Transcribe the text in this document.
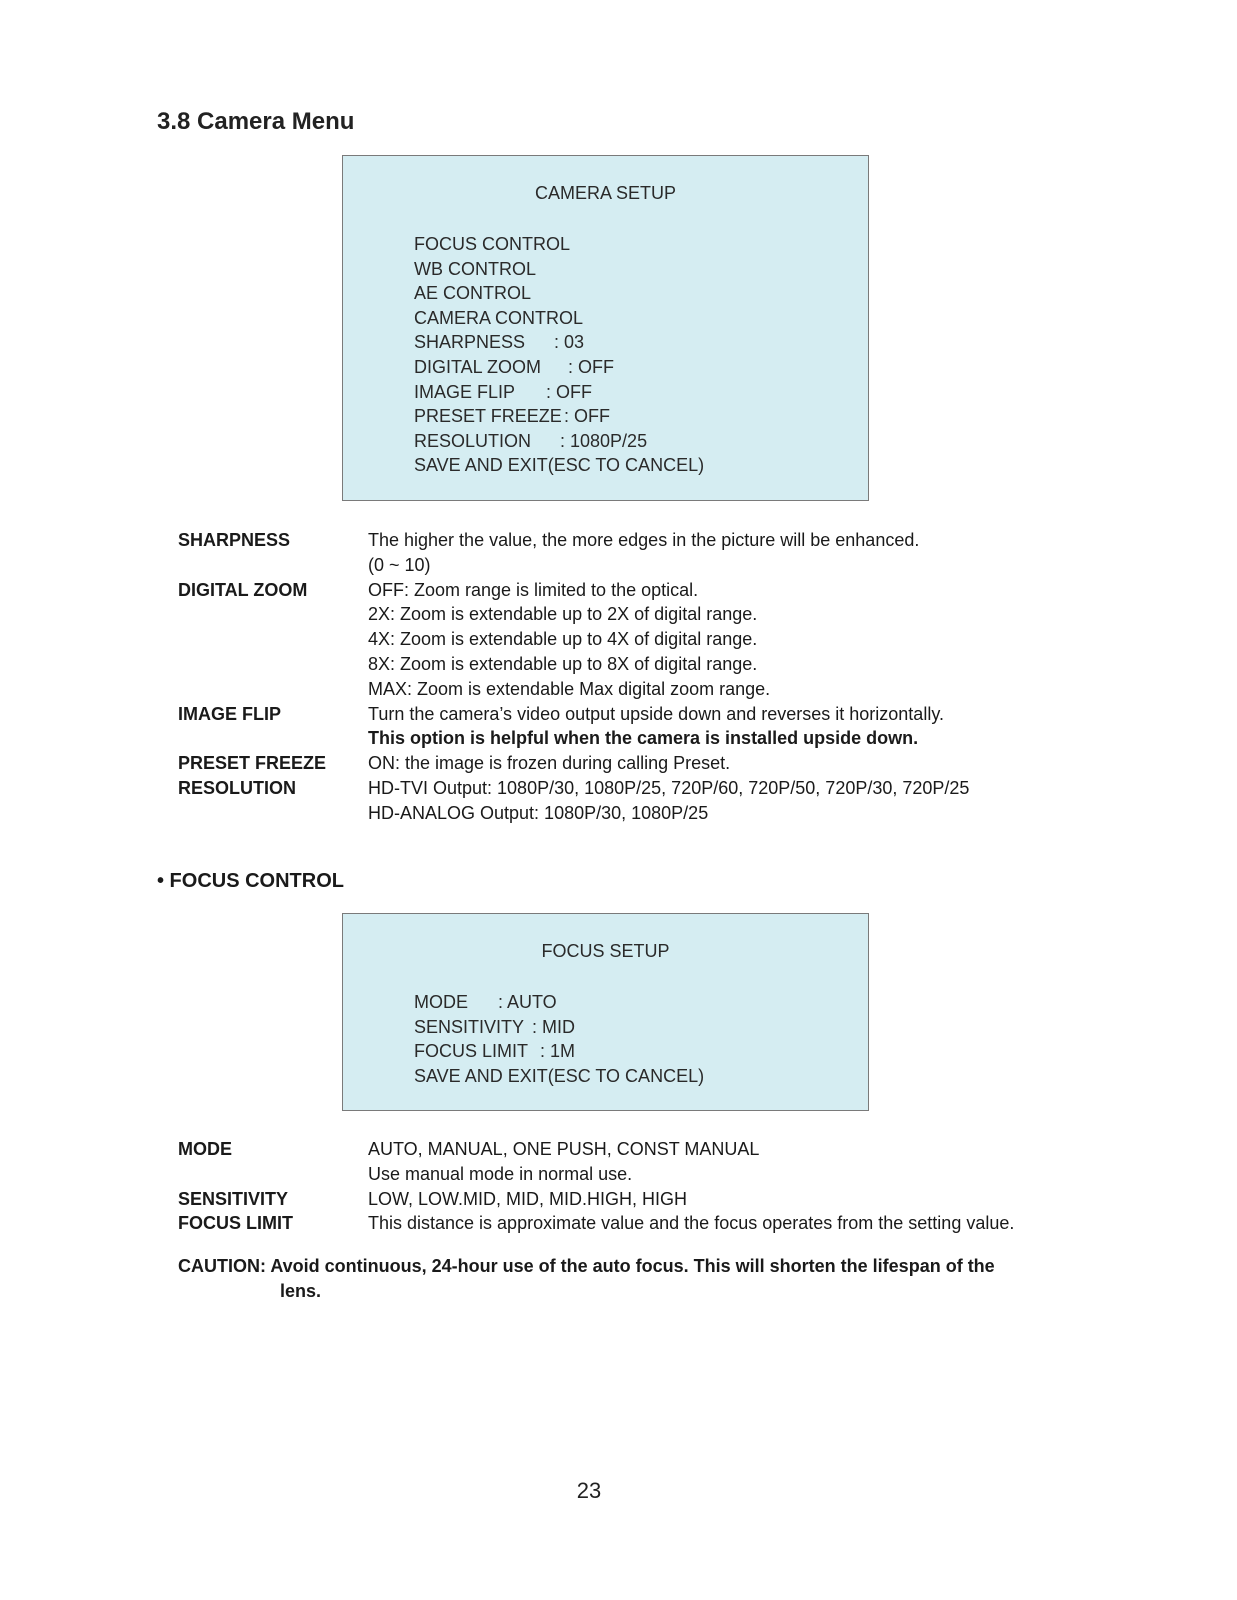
3.8 Camera Menu
CAMERA SETUP
FOCUS CONTROL
WB CONTROL
AE CONTROL
CAMERA CONTROL
SHARPNESS : 03
DIGITAL ZOOM : OFF
IMAGE FLIP : OFF
PRESET FREEZE : OFF
RESOLUTION : 1080P/25
SAVE AND EXIT(ESC TO CANCEL)
SHARPNESS	The higher the value, the more edges in the picture will be enhanced.
(0 ~ 10)
DIGITAL ZOOM	OFF: Zoom range is limited to the optical.
2X: Zoom is extendable up to 2X of digital range.
4X: Zoom is extendable up to 4X of digital range.
8X: Zoom is extendable up to 8X of digital range.
MAX: Zoom is extendable Max digital zoom range.
IMAGE FLIP	Turn the camera’s video output upside down and reverses it horizontally.
This option is helpful when the camera is installed upside down.
PRESET FREEZE	ON: the image is frozen during calling Preset.
RESOLUTION	HD-TVI Output: 1080P/30, 1080P/25, 720P/60, 720P/50, 720P/30, 720P/25
HD-ANALOG Output: 1080P/30, 1080P/25
• FOCUS CONTROL
FOCUS SETUP
MODE : AUTO
SENSITIVITY : MID
FOCUS LIMIT : 1M
SAVE AND EXIT(ESC TO CANCEL)
MODE	AUTO, MANUAL, ONE PUSH, CONST MANUAL
Use manual mode in normal use.
SENSITIVITY	LOW, LOW.MID, MID, MID.HIGH, HIGH
FOCUS LIMIT	This distance is approximate value and the focus operates from the setting value.
CAUTION: Avoid continuous, 24-hour use of the auto focus. This will shorten the lifespan of the
lens.
23
